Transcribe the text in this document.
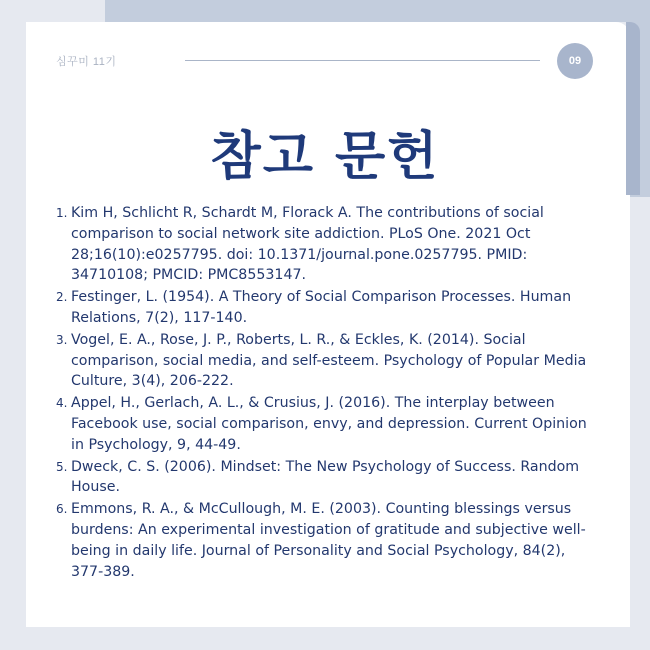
심꾸미 11기	09
참고 문헌
1. Kim H, Schlicht R, Schardt M, Florack A. The contributions of social comparison to social network site addiction. PLoS One. 2021 Oct 28;16(10):e0257795. doi: 10.1371/journal.pone.0257795. PMID: 34710108; PMCID: PMC8553147.
2. Festinger, L. (1954). A Theory of Social Comparison Processes. Human Relations, 7(2), 117-140.
3. Vogel, E. A., Rose, J. P., Roberts, L. R., & Eckles, K. (2014). Social comparison, social media, and self-esteem. Psychology of Popular Media Culture, 3(4), 206-222.
4. Appel, H., Gerlach, A. L., & Crusius, J. (2016). The interplay between Facebook use, social comparison, envy, and depression. Current Opinion in Psychology, 9, 44-49.
5. Dweck, C. S. (2006). Mindset: The New Psychology of Success. Random House.
6. Emmons, R. A., & McCullough, M. E. (2003). Counting blessings versus burdens: An experimental investigation of gratitude and subjective well-being in daily life. Journal of Personality and Social Psychology, 84(2), 377-389.
